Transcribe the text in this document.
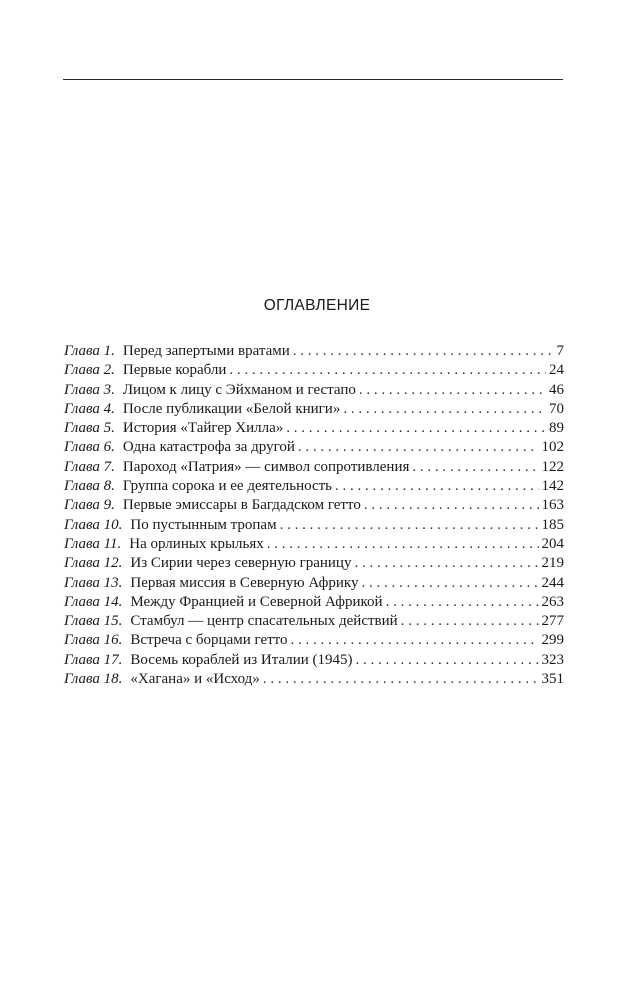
ОГЛАВЛЕНИЕ
Глава 1. Перед запертыми вратами . . .	7
Глава 2. Первые корабли . . .	24
Глава 3. Лицом к лицу с Эйхманом и гестапо . . .	46
Глава 4. После публикации «Белой книги» . . .	70
Глава 5. История «Тайгер Хилла» . . .	89
Глава 6. Одна катастрофа за другой . . .	102
Глава 7. Пароход «Патрия» — символ сопротивления . . .	122
Глава 8. Группа сорока и ее деятельность . . .	142
Глава 9. Первые эмиссары в Багдадском гетто . . .	163
Глава 10. По пустынным тропам . . .	185
Глава 11. На орлиных крыльях . . .	204
Глава 12. Из Сирии через северную границу . . .	219
Глава 13. Первая миссия в Северную Африку . . .	244
Глава 14. Между Францией и Северной Африкой . . .	263
Глава 15. Стамбул — центр спасательных действий . . .	277
Глава 16. Встреча с борцами гетто . . .	299
Глава 17. Восемь кораблей из Италии (1945) . . .	323
Глава 18. «Хагана» и «Исход» . . .	351
